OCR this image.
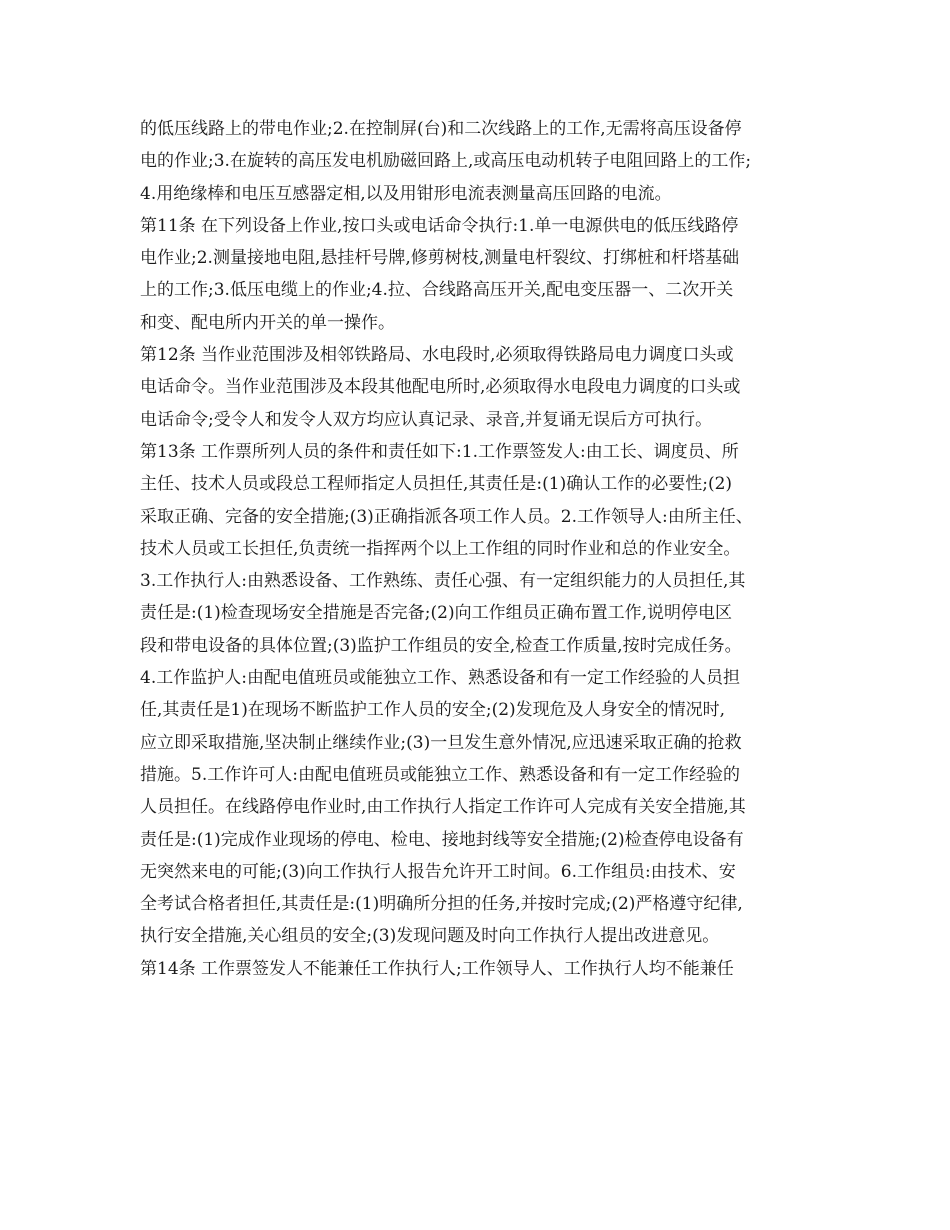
的低压线路上的带电作业;2.在控制屏(台)和二次线路上的工作,无需将高压设备停
电的作业;3.在旋转的高压发电机励磁回路上,或高压电动机转子电阻回路上的工作;
4.用绝缘棒和电压互感器定相,以及用钳形电流表测量高压回路的电流。
第11条 在下列设备上作业,按口头或电话命令执行:1.单一电源供电的低压线路停
电作业;2.测量接地电阻,悬挂杆号牌,修剪树枝,测量电杆裂纹、打绑桩和杆塔基础
上的工作;3.低压电缆上的作业;4.拉、合线路高压开关,配电变压器一、二次开关
和变、配电所内开关的单一操作。
第12条 当作业范围涉及相邻铁路局、水电段时,必须取得铁路局电力调度口头或
电话命令。当作业范围涉及本段其他配电所时,必须取得水电段电力调度的口头或
电话命令;受令人和发令人双方均应认真记录、录音,并复诵无误后方可执行。
第13条 工作票所列人员的条件和责任如下:1.工作票签发人:由工长、调度员、所
主任、技术人员或段总工程师指定人员担任,其责任是:(1)确认工作的必要性;(2)
采取正确、完备的安全措施;(3)正确指派各项工作人员。2.工作领导人:由所主任、
技术人员或工长担任,负责统一指挥两个以上工作组的同时作业和总的作业安全。
3.工作执行人:由熟悉设备、工作熟练、责任心强、有一定组织能力的人员担任,其
责任是:(1)检查现场安全措施是否完备;(2)向工作组员正确布置工作,说明停电区
段和带电设备的具体位置;(3)监护工作组员的安全,检查工作质量,按时完成任务。
4.工作监护人:由配电值班员或能独立工作、熟悉设备和有一定工作经验的人员担
任,其责任是1)在现场不断监护工作人员的安全;(2)发现危及人身安全的情况时,
应立即采取措施,坚决制止继续作业;(3)一旦发生意外情况,应迅速采取正确的抢救
措施。5.工作许可人:由配电值班员或能独立工作、熟悉设备和有一定工作经验的
人员担任。在线路停电作业时,由工作执行人指定工作许可人完成有关安全措施,其
责任是:(1)完成作业现场的停电、检电、接地封线等安全措施;(2)检查停电设备有
无突然来电的可能;(3)向工作执行人报告允许开工时间。6.工作组员:由技术、安
全考试合格者担任,其责任是:(1)明确所分担的任务,并按时完成;(2)严格遵守纪律,
执行安全措施,关心组员的安全;(3)发现问题及时向工作执行人提出改进意见。
第14条 工作票签发人不能兼任工作执行人;工作领导人、工作执行人均不能兼任
